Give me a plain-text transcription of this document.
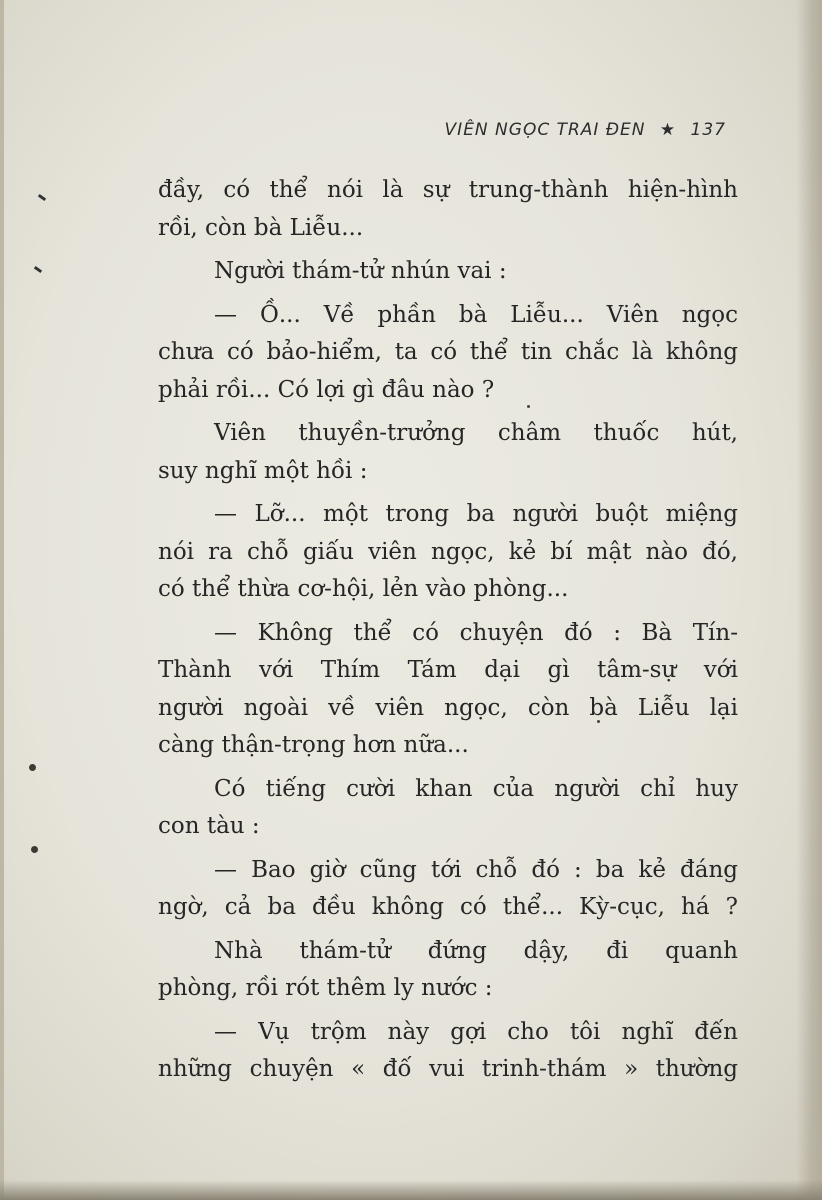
VIÊN NGỌC TRAI ĐEN ★ 137
đầy, có thể nói là sự trung-thành hiện-hình
rồi, còn bà Liễu...
Người thám-tử nhún vai :
— Ồ... Về phần bà Liễu... Viên ngọc
chưa có bảo-hiểm, ta có thể tin chắc là không
phải rồi... Có lợi gì đâu nào ?
Viên thuyền-trưởng châm thuốc hút,
suy nghĩ một hồi :
— Lỡ... một trong ba người buột miệng
nói ra chỗ giấu viên ngọc, kẻ bí mật nào đó,
có thể thừa cơ-hội, lẻn vào phòng...
— Không thể có chuyện đó : Bà Tín-
Thành với Thím Tám dại gì tâm-sự với
người ngoài về viên ngọc, còn bà Liễu lại
càng thận-trọng hơn nữa...
Có tiếng cười khan của người chỉ huy
con tàu :
— Bao giờ cũng tới chỗ đó : ba kẻ đáng
ngờ, cả ba đều không có thể... Kỳ-cục, há ?
Nhà thám-tử đứng dậy, đi quanh
phòng, rồi rót thêm ly nước :
— Vụ trộm này gợi cho tôi nghĩ đến
những chuyện « đố vui trinh-thám » thường
